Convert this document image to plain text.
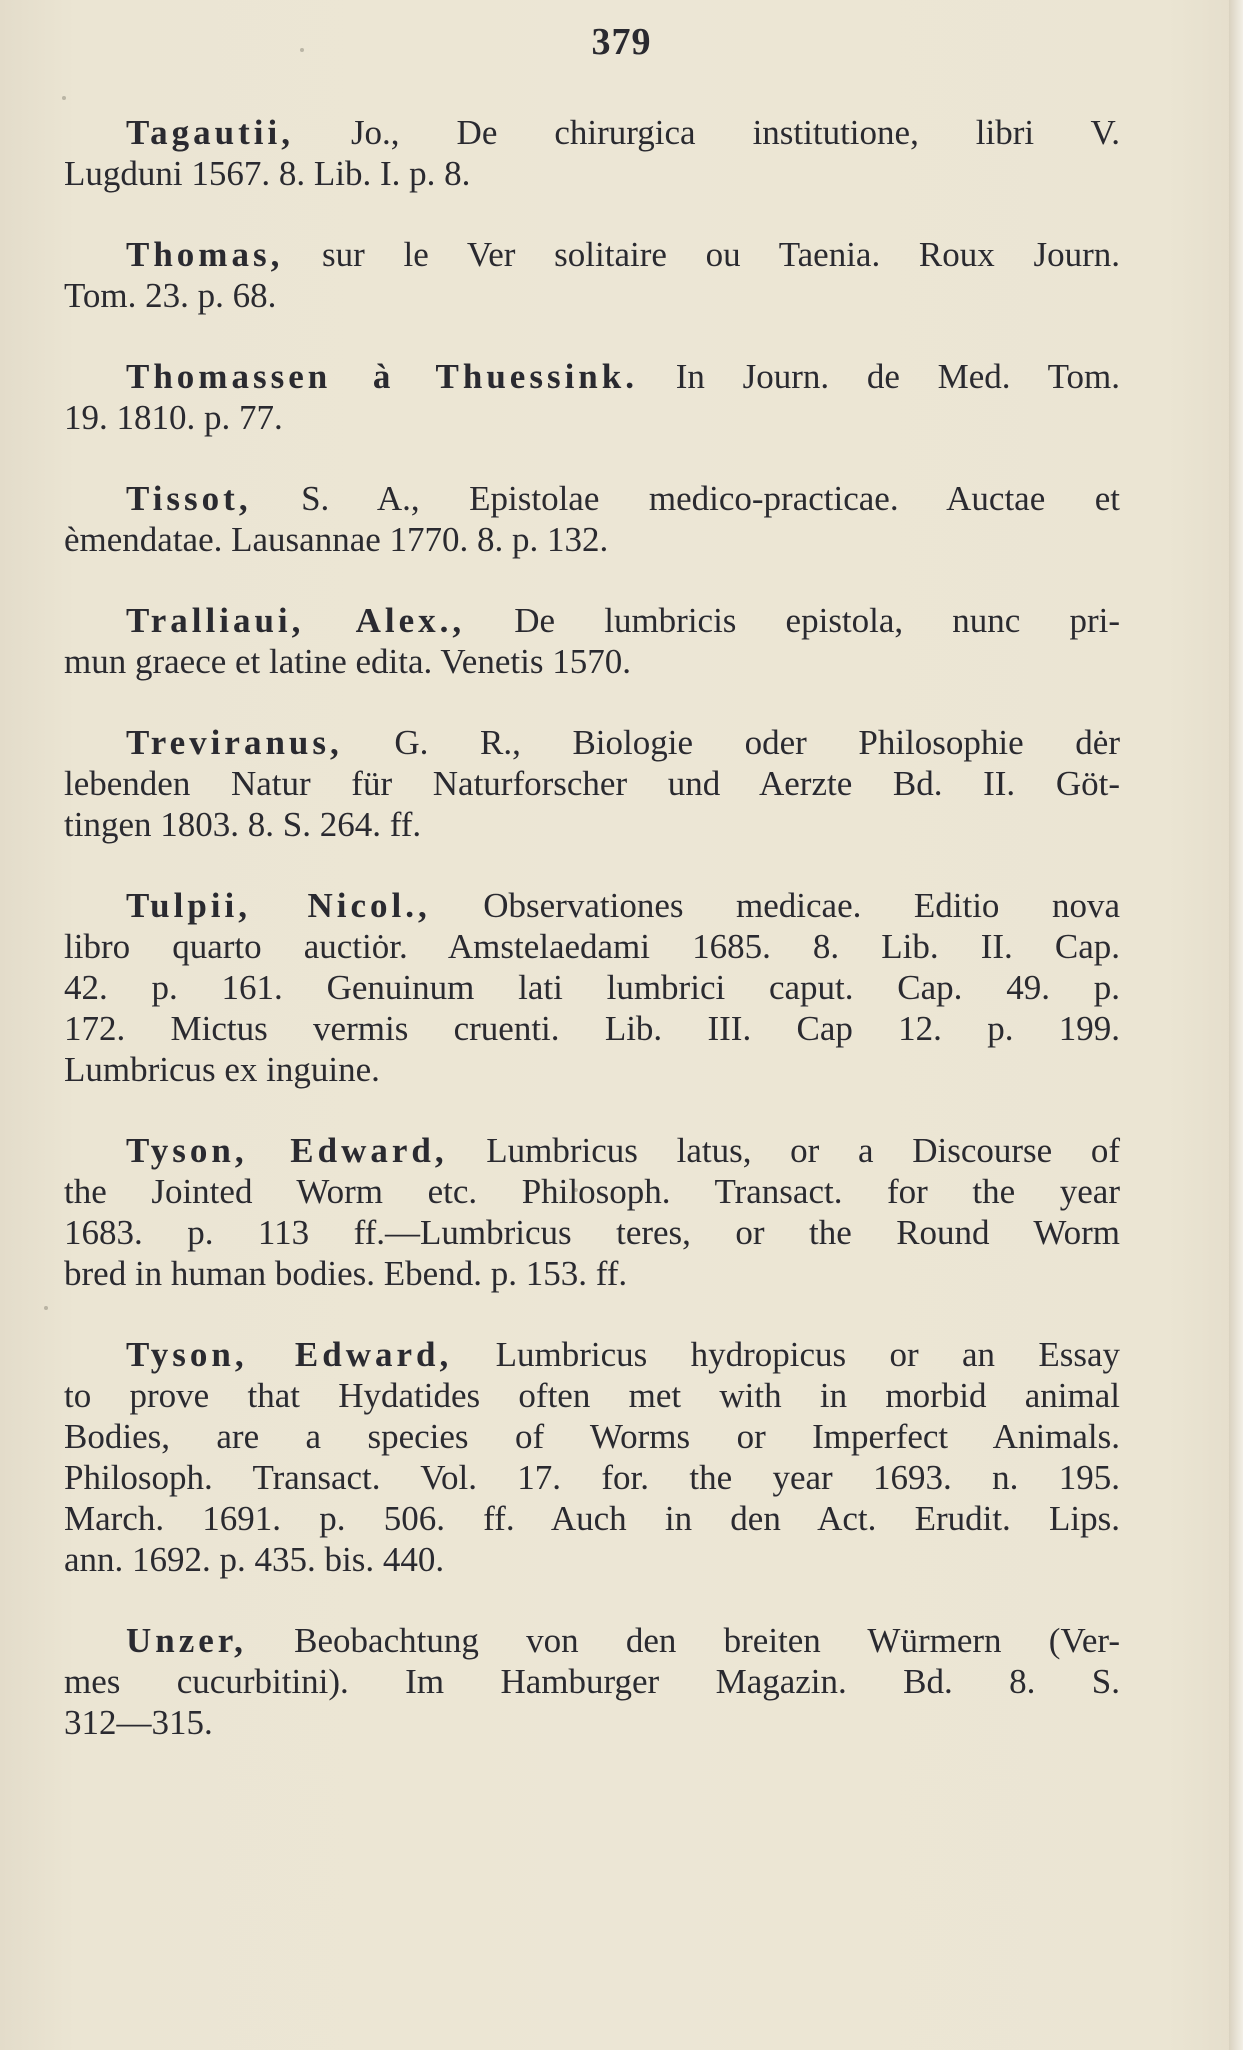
379
Tagautii, Jo., De chirurgica institutione, libri V.
Lugduni 1567. 8. Lib. I. p. 8.
Thomas, sur le Ver solitaire ou Taenia. Roux Journ.
Tom. 23. p. 68.
Thomassen à Thuessink. In Journ. de Med. Tom.
19. 1810. p. 77.
Tissot, S. A., Epistolae medico-practicae. Auctae et
èmendatae. Lausannae 1770. 8. p. 132.
Tralliaui, Alex., De lumbricis epistola, nunc pri-
mun graece et latine edita. Venetis 1570.
Treviranus, G. R., Biologie oder Philosophie dėr
lebenden Natur für Naturforscher und Aerzte Bd. II. Göt-
tingen 1803. 8. S. 264. ff.
Tulpii, Nicol., Observationes medicae. Editio nova
libro quarto auctiȯr. Amstelaedami 1685. 8. Lib. II. Cap.
42. p. 161. Genuinum lati lumbrici caput. Cap. 49. p.
172. Mictus vermis cruenti. Lib. III. Cap 12. p. 199.
Lumbricus ex inguine.
Tyson, Edward, Lumbricus latus, or a Discourse of
the Jointed Worm etc. Philosoph. Transact. for the year
1683. p. 113 ff.—Lumbricus teres, or the Round Worm
bred in human bodies. Ebend. p. 153. ff.
Tyson, Edward, Lumbricus hydropicus or an Essay
to prove that Hydatides often met with in morbid animal
Bodies, are a species of Worms or Imperfect Animals.
Philosoph. Transact. Vol. 17. for. the year 1693. n. 195.
March. 1691. p. 506. ff. Auch in den Act. Erudit. Lips.
ann. 1692. p. 435. bis. 440.
Unzer, Beobachtung von den breiten Würmern (Ver-
mes cucurbitini). Im Hamburger Magazin. Bd. 8. S.
312—315.
